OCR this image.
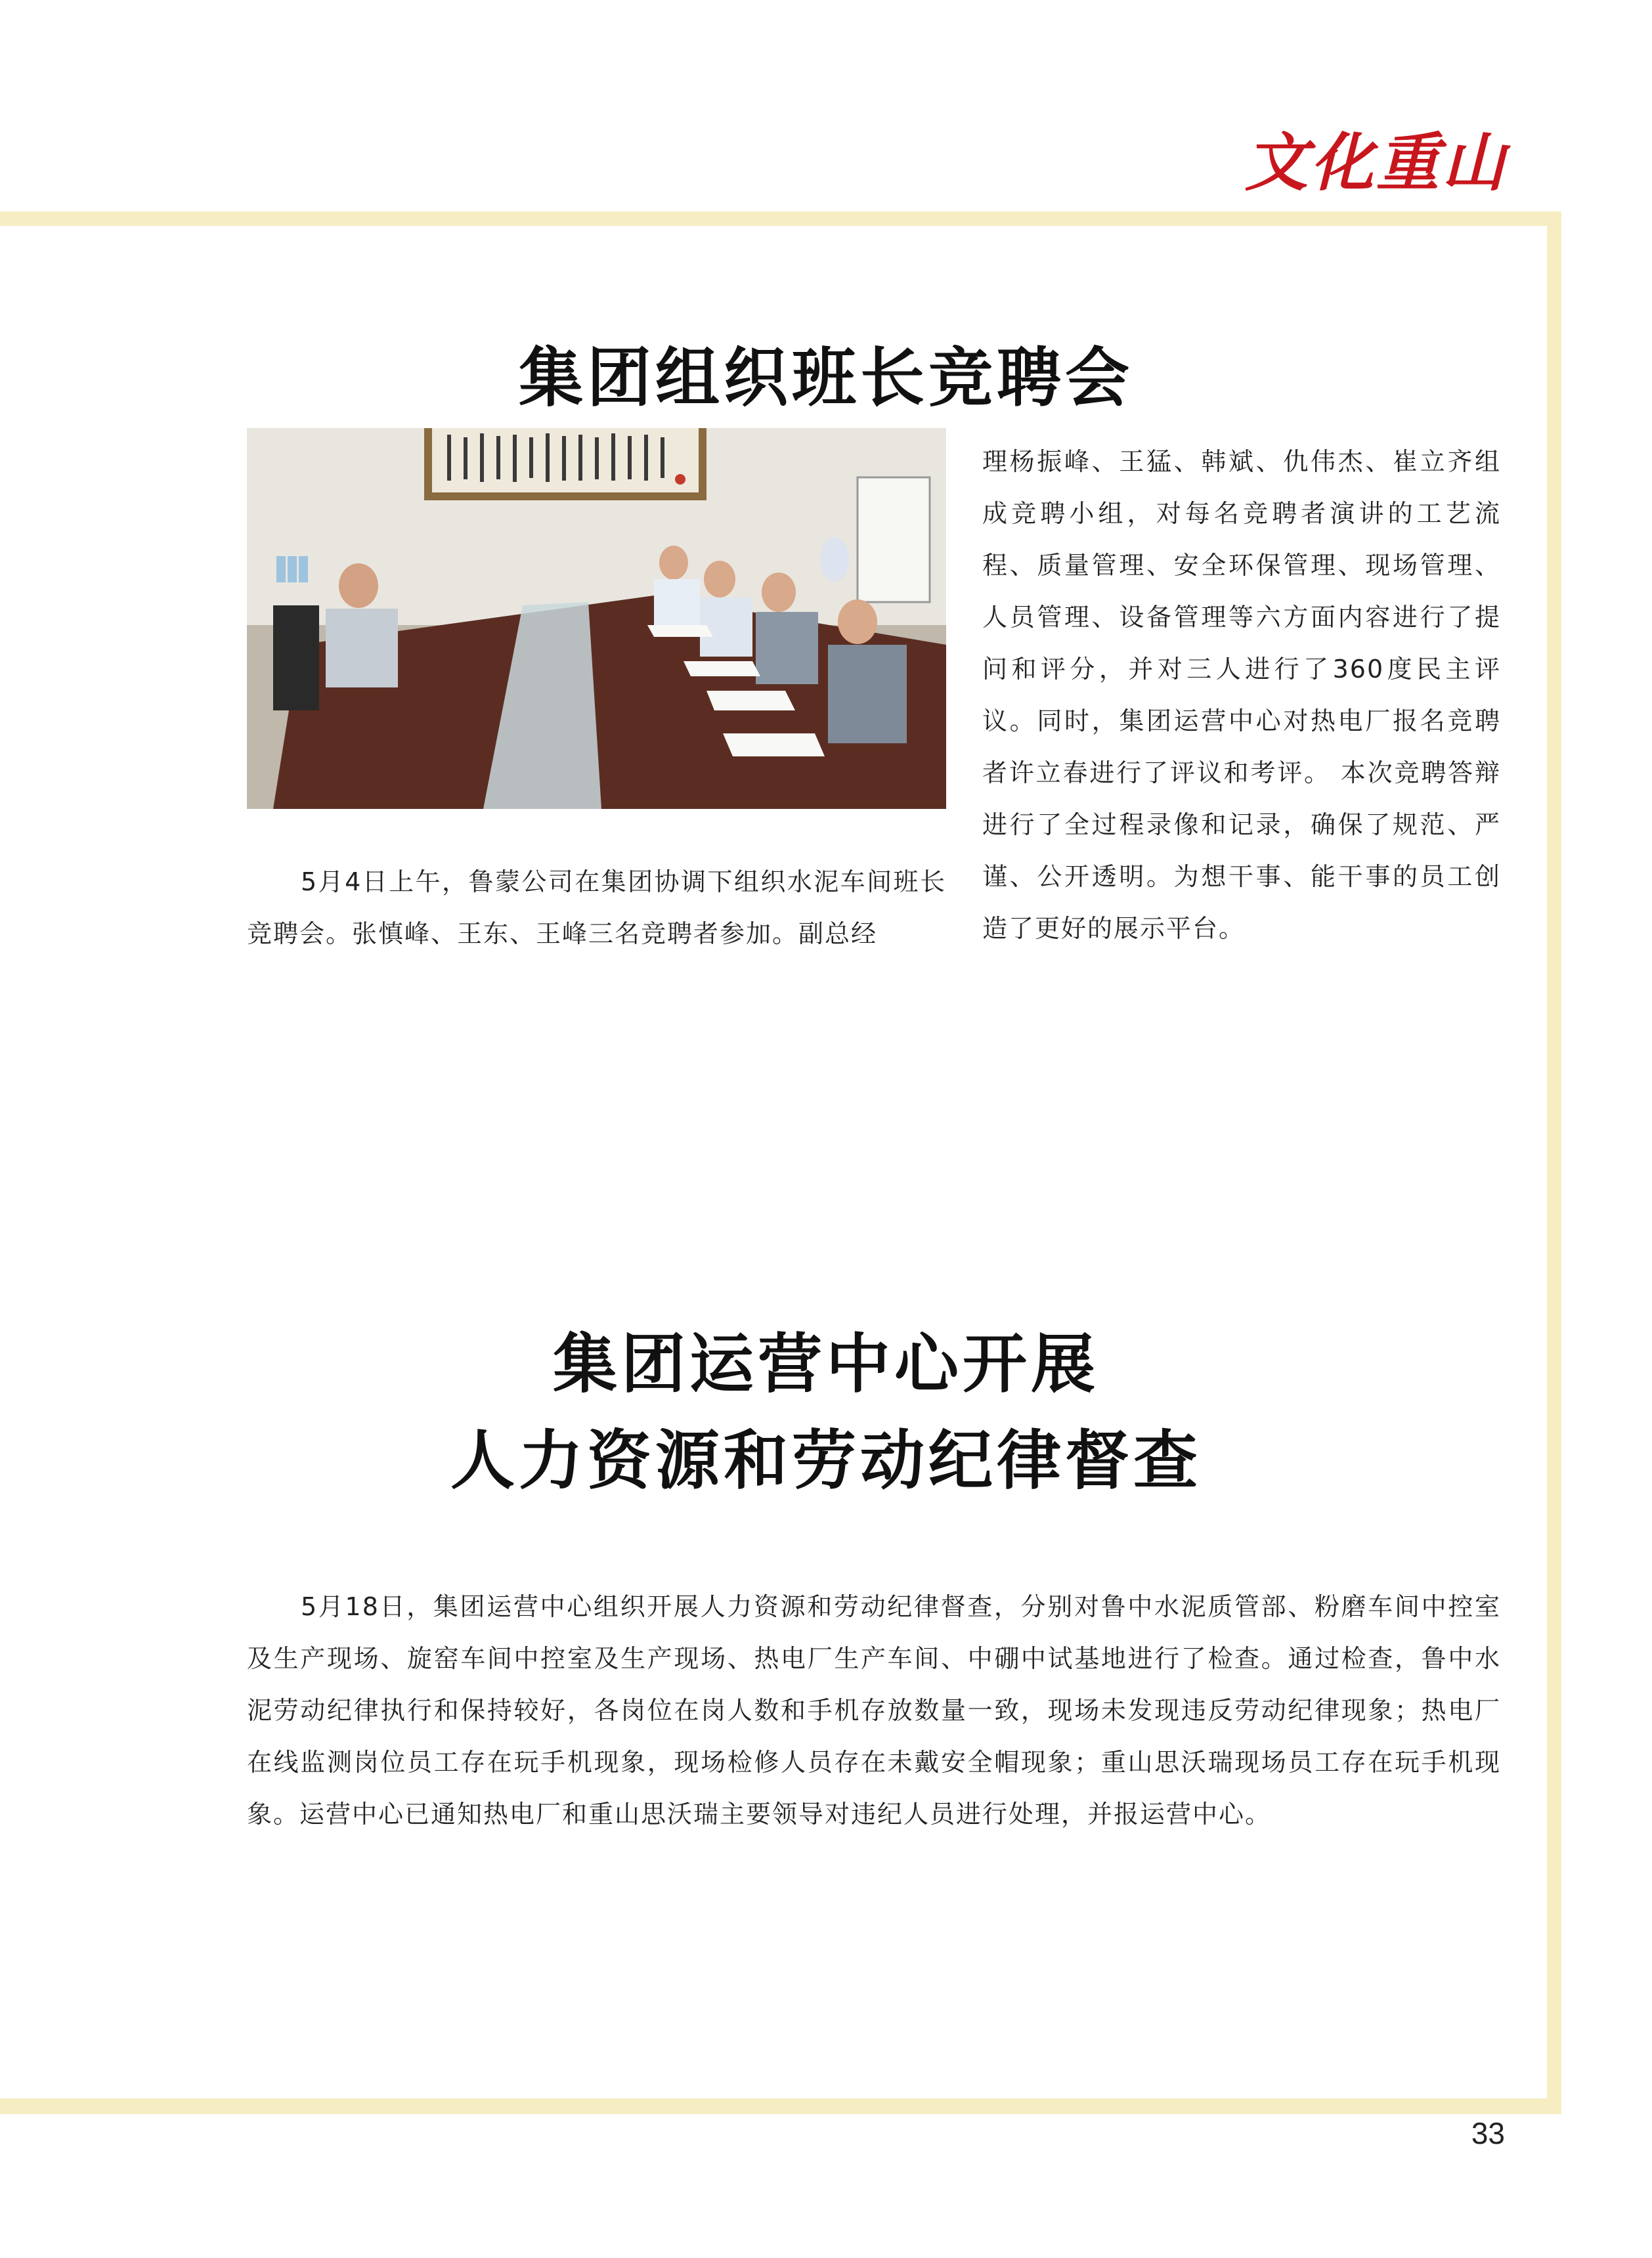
文化重山
集团组织班长竞聘会

5月4日上午，鲁蒙公司在集团协调下组织水泥车间班长竞聘会。张慎峰、王东、王峰三名竞聘者参加。副总经

理杨振峰、王猛、韩斌、仇伟杰、崔立齐组成竞聘小组，对每名竞聘者演讲的工艺流程、质量管理、安全环保管理、现场管理、人员管理、设备管理等六方面内容进行了提问和评分，并对三人进行了360度民主评议。同时，集团运营中心对热电厂报名竞聘者许立春进行了评议和考评。 本次竞聘答辩进行了全过程录像和记录，确保了规范、严谨、公开透明。为想干事、能干事的员工创造了更好的展示平台。

集团运营中心开展
人力资源和劳动纪律督查

5月18日，集团运营中心组织开展人力资源和劳动纪律督查，分别对鲁中水泥质管部、粉磨车间中控室及生产现场、旋窑车间中控室及生产现场、热电厂生产车间、中硼中试基地进行了检查。通过检查，鲁中水泥劳动纪律执行和保持较好，各岗位在岗人数和手机存放数量一致，现场未发现违反劳动纪律现象；热电厂在线监测岗位员工存在玩手机现象，现场检修人员存在未戴安全帽现象；重山思沃瑞现场员工存在玩手机现象。运营中心已通知热电厂和重山思沃瑞主要领导对违纪人员进行处理，并报运营中心。

33
